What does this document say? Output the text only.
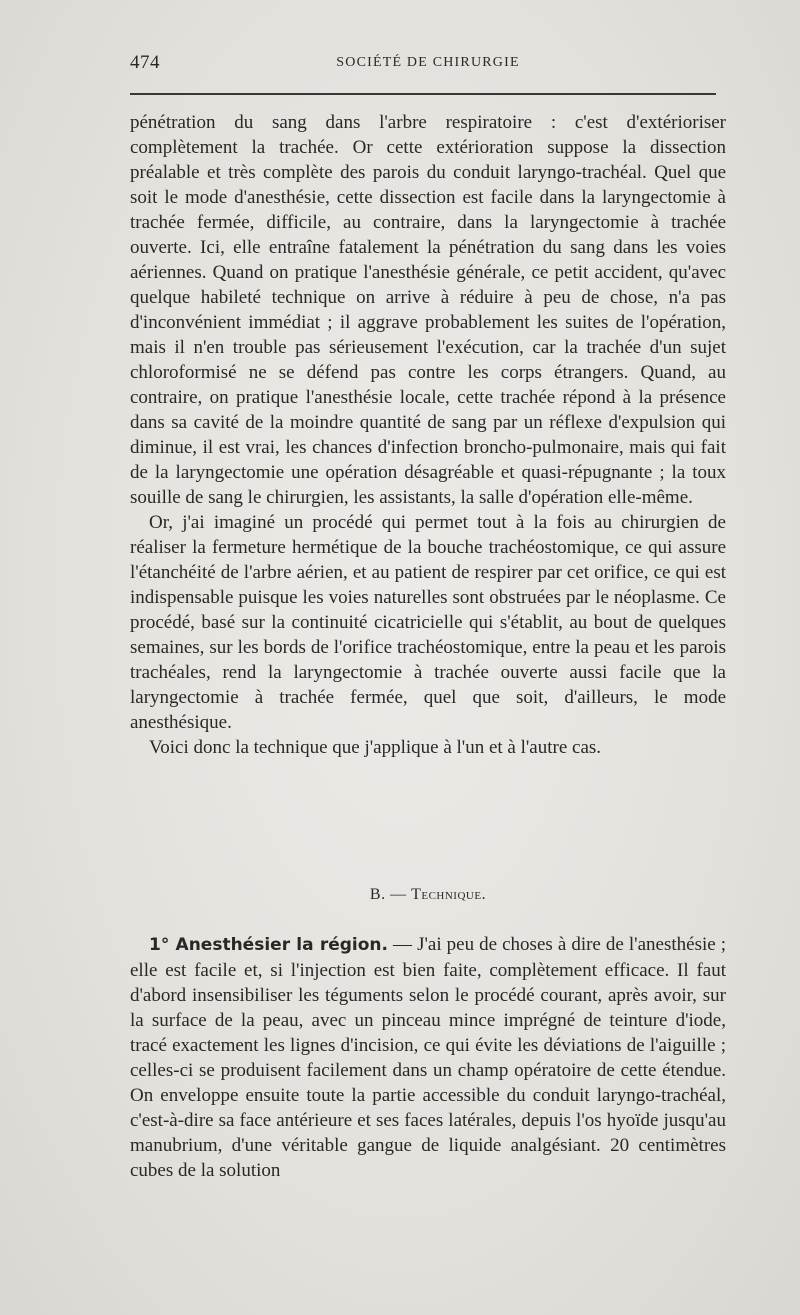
474	SOCIÉTÉ DE CHIRURGIE

pénétration du sang dans l'arbre respiratoire : c'est d'extérioriser complètement la trachée. Or cette extérioration suppose la dissection préalable et très complète des parois du conduit laryngo-trachéal. Quel que soit le mode d'anesthésie, cette dissection est facile dans la laryngectomie à trachée fermée, difficile, au contraire, dans la laryngectomie à trachée ouverte. Ici, elle entraîne fatalement la pénétration du sang dans les voies aériennes. Quand on pratique l'anesthésie générale, ce petit accident, qu'avec quelque habileté technique on arrive à réduire à peu de chose, n'a pas d'inconvénient immédiat ; il aggrave probablement les suites de l'opération, mais il n'en trouble pas sérieusement l'exécution, car la trachée d'un sujet chloroformisé ne se défend pas contre les corps étrangers. Quand, au contraire, on pratique l'anesthésie locale, cette trachée répond à la présence dans sa cavité de la moindre quantité de sang par un réflexe d'expulsion qui diminue, il est vrai, les chances d'infection broncho-pulmonaire, mais qui fait de la laryngectomie une opération désagréable et quasi-répugnante ; la toux souille de sang le chirurgien, les assistants, la salle d'opération elle-même.

Or, j'ai imaginé un procédé qui permet tout à la fois au chirurgien de réaliser la fermeture hermétique de la bouche trachéostomique, ce qui assure l'étanchéité de l'arbre aérien, et au patient de respirer par cet orifice, ce qui est indispensable puisque les voies naturelles sont obstruées par le néoplasme. Ce procédé, basé sur la continuité cicatricielle qui s'établit, au bout de quelques semaines, sur les bords de l'orifice trachéostomique, entre la peau et les parois trachéales, rend la laryngectomie à trachée ouverte aussi facile que la laryngectomie à trachée fermée, quel que soit, d'ailleurs, le mode anesthésique.

Voici donc la technique que j'applique à l'un et à l'autre cas.

B. — Technique.

1° Anesthésier la région. — J'ai peu de choses à dire de l'anesthésie ; elle est facile et, si l'injection est bien faite, complètement efficace. Il faut d'abord insensibiliser les téguments selon le procédé courant, après avoir, sur la surface de la peau, avec un pinceau mince imprégné de teinture d'iode, tracé exactement les lignes d'incision, ce qui évite les déviations de l'aiguille ; celles-ci se produisent facilement dans un champ opératoire de cette étendue. On enveloppe ensuite toute la partie accessible du conduit laryngo-trachéal, c'est-à-dire sa face antérieure et ses faces latérales, depuis l'os hyoïde jusqu'au manubrium, d'une véritable gangue de liquide analgésiant. 20 centimètres cubes de la solution
